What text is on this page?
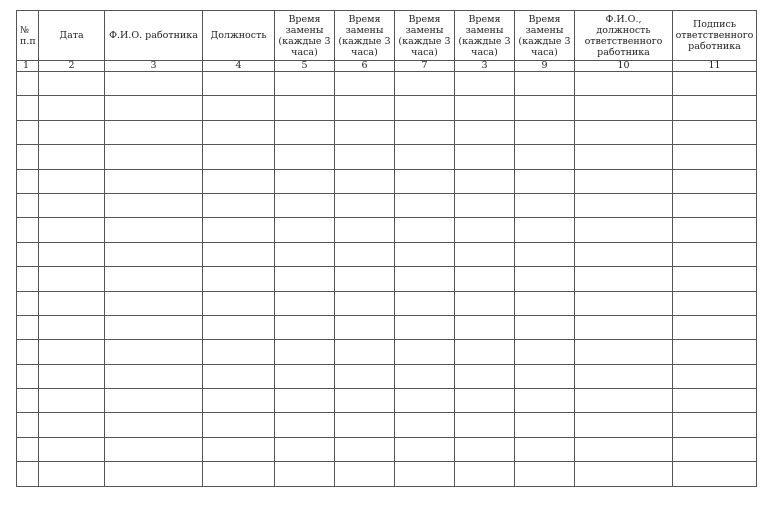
№
п.п	Дата	Ф.И.О. работника	Должность	Время
замены
(каждые 3
часа)	Время
замены
(каждые 3
часа)	Время
замены
(каждые 3
часа)	Время
замены
(каждые 3
часа)	Время
замены
(каждые 3
часа)	Ф.И.О., должность
ответственного
работника	Подпись
ответственного
работника
1	2	3	4	5	6	7	3	9	10	11
